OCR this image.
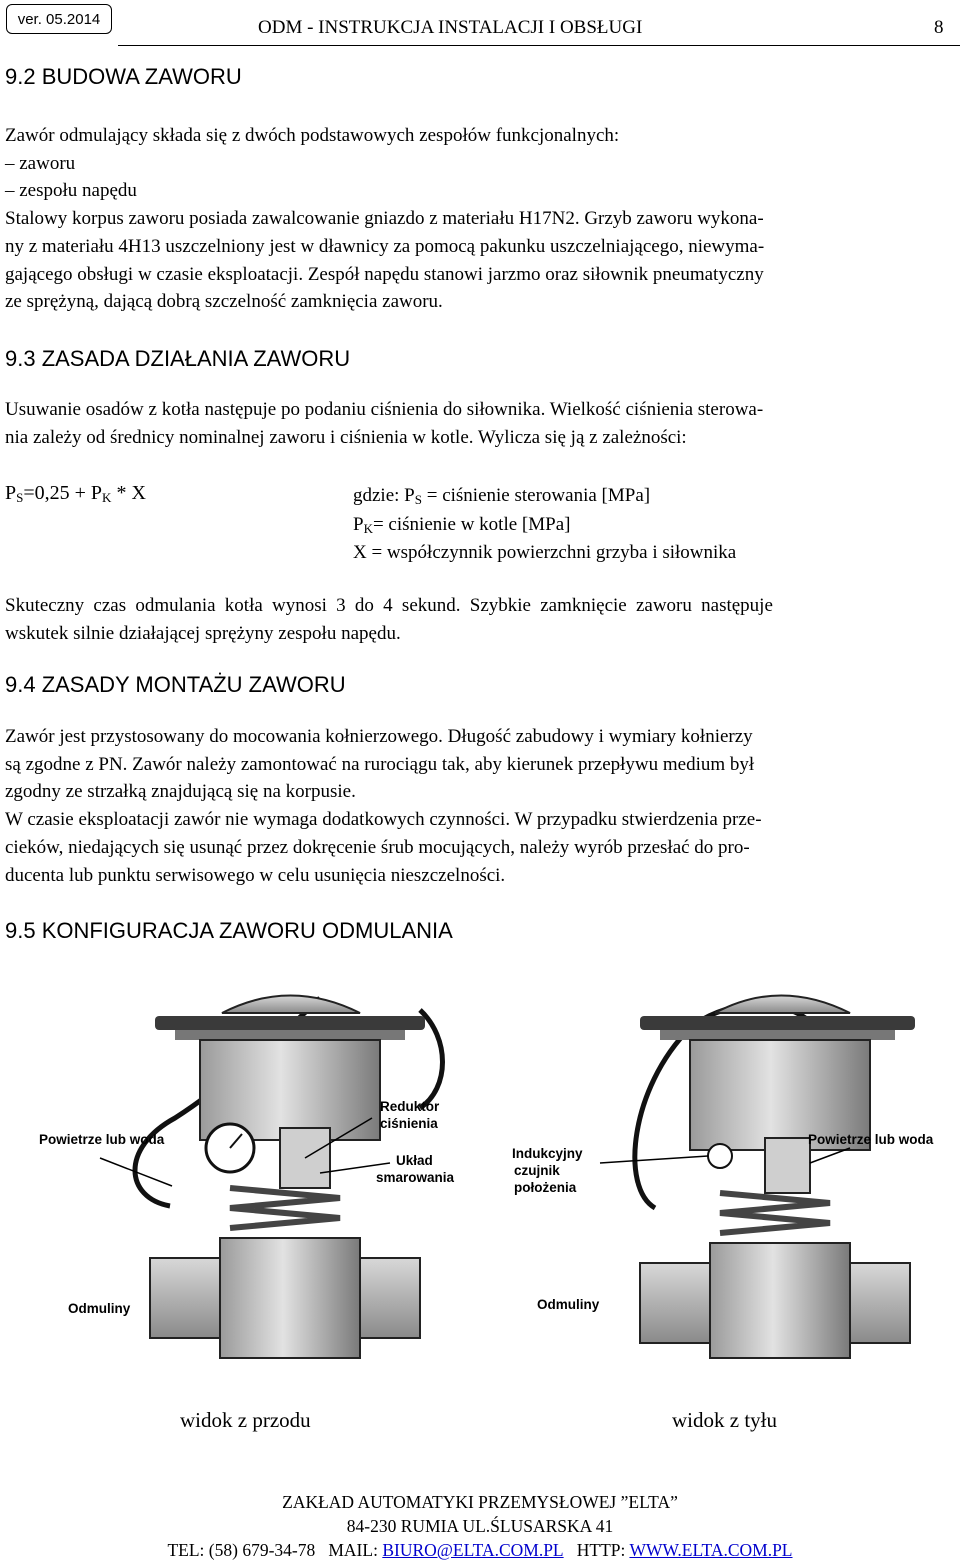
ver. 05.2014	ODM - INSTRUKCJA INSTALACJI I OBSŁUGI	8
9.2 BUDOWA ZAWORU
Zawór odmulający składa się z dwóch podstawowych zespołów funkcjonalnych:
– zaworu
– zespołu napędu
Stalowy korpus zaworu posiada zawalcowanie gniazdo z materiału H17N2. Grzyb zaworu wykona-
ny z materiału 4H13 uszczelniony jest w dławnicy za pomocą pakunku uszczelniającego, niewyma-
gającego obsługi w czasie eksploatacji. Zespół napędu stanowi jarzmo oraz siłownik pneumatyczny
ze sprężyną, dającą dobrą szczelność zamknięcia zaworu.
9.3 ZASADA DZIAŁANIA ZAWORU
Usuwanie osadów z kotła następuje po podaniu ciśnienia do siłownika. Wielkość ciśnienia sterowa-
nia zależy od średnicy nominalnej zaworu i ciśnienia w kotle. Wylicza się ją z zależności:
$P_S=0,25 + P_K * X$	gdzie: $P_S$ = ciśnienie sterowania [MPa]
$P_K=$ ciśnienie w kotle [MPa]
X = współczynnik powierzchni grzyba i siłownika
Skuteczny czas odmulania kotła wynosi 3 do 4 sekund. Szybkie zamknięcie zaworu następuje
wskutek silnie działającej sprężyny zespołu napędu.
9.4 ZASADY MONTAŻU ZAWORU
Zawór jest przystosowany do mocowania kołnierzowego. Długość zabudowy i wymiary kołnierzy
są zgodne z PN. Zawór należy zamontować na rurociągu tak, aby kierunek przepływu medium był
zgodny ze strzałką znajdującą się na korpusie.
W czasie eksploatacji zawór nie wymaga dodatkowych czynności. W przypadku stwierdzenia prze-
cieków, niedających się usunąć przez dokręcenie śrub mocujących, należy wyrób przesłać do pro-
ducenta lub punktu serwisowego w celu usunięcia nieszczelności.
9.5 KONFIGURACJA ZAWORU ODMULANIA
Powietrze lub woda
Reduktor
ciśnienia
Układ
smarowania
Odmuliny
Indukcyjny
czujnik
położenia
Powietrze lub woda
Odmuliny
widok z przodu	widok z tyłu
ZAKŁAD AUTOMATYKI PRZEMYSŁOWEJ ”ELTA”
84-230 RUMIA UL.ŚLUSARSKA 41
TEL: (58) 679-34-78 MAIL: BIURO@ELTA.COM.PL HTTP: WWW.ELTA.COM.PL
